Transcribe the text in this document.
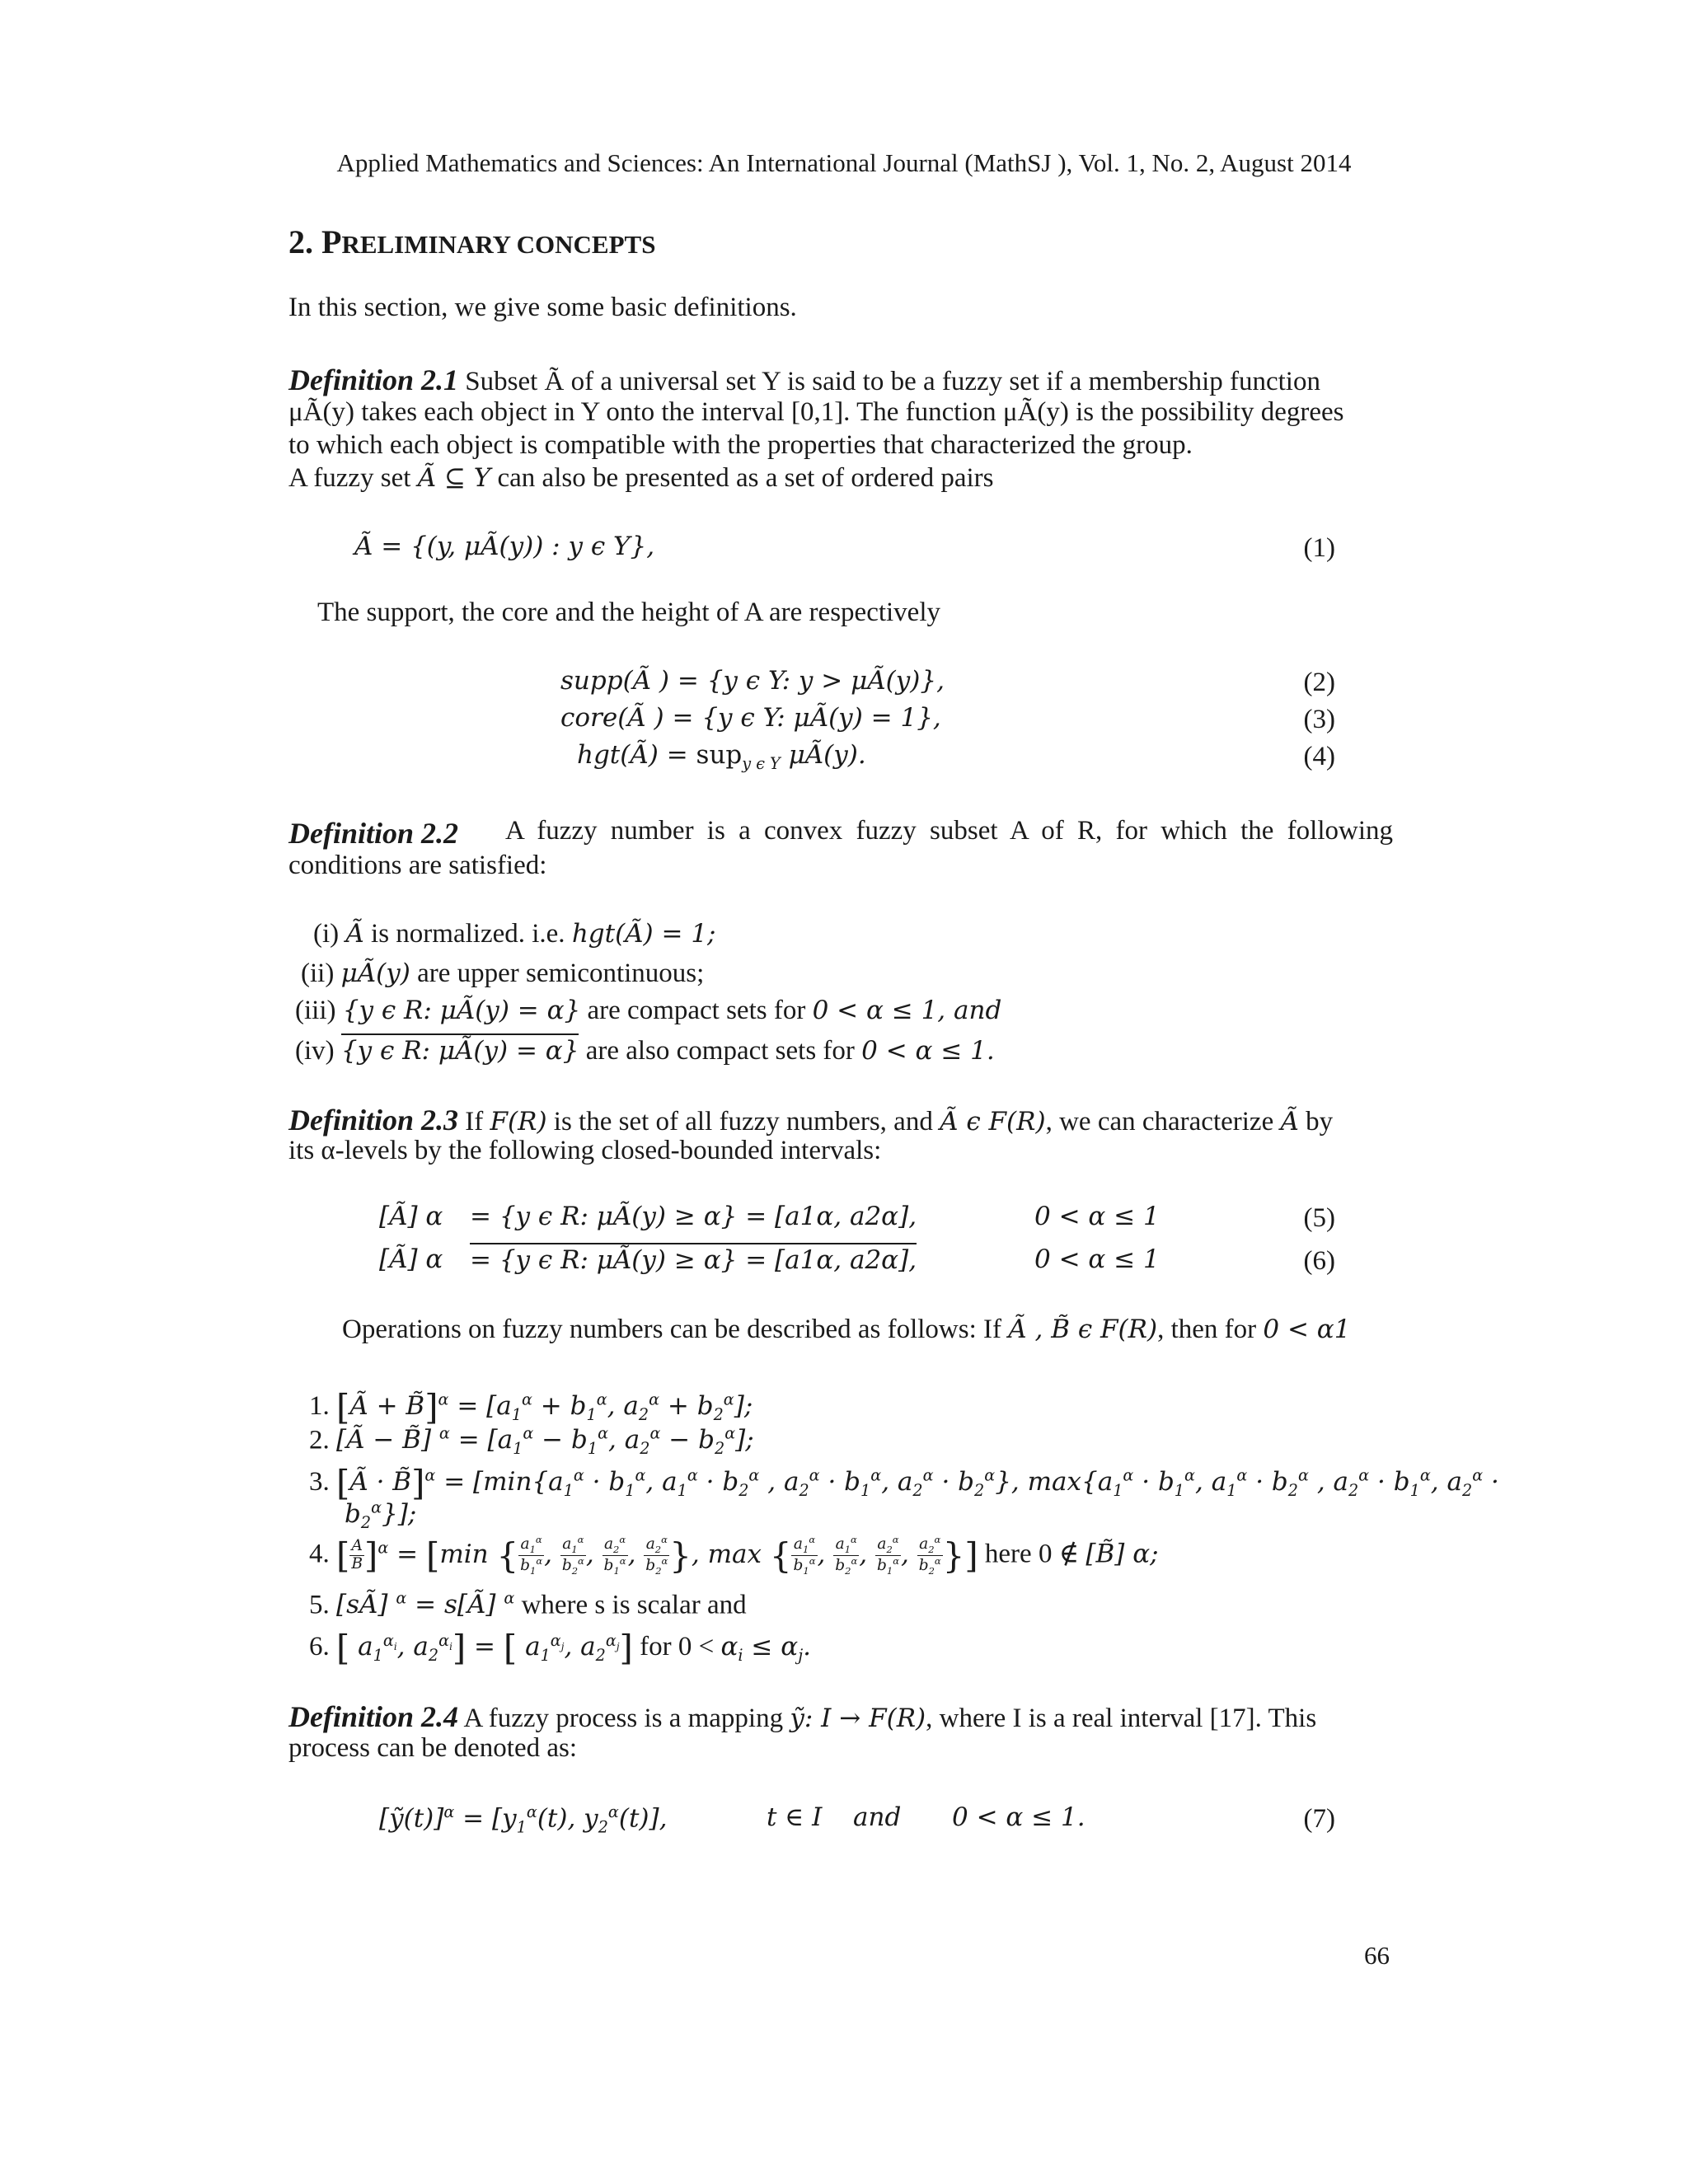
Applied Mathematics and Sciences: An International Journal (MathSJ ), Vol. 1, No. 2, August 2014
2. PRELIMINARY CONCEPTS
In this section, we give some basic definitions.
Definition 2.1 Subset Ã of a universal set Y is said to be a fuzzy set if a membership function
μÃ(y) takes each object in Y onto the interval [0,1]. The function μÃ(y) is the possibility degrees
to which each object is compatible with the properties that characterized the group.
A fuzzy set Ã ⊆ Y can also be presented as a set of ordered pairs
Ã = {(y, μÃ(y)) : y ϵ Y},	(1)
The support, the core and the height of A are respectively
supp(Ã ) = {y ϵ Y: y > μÃ(y)},	(2)
core(Ã ) = {y ϵ Y: μÃ(y) = 1},	(3)
hgt(Ã) = sup$_{y \epsilon Y}$ μÃ(y).	(4)
Definition 2.2 A fuzzy number is a convex fuzzy subset A of R, for which the following
conditions are satisfied:
(i) Ã is normalized. i.e. hgt(Ã) = 1;
(ii) μÃ(y) are upper semicontinuous;
(iii) {y ϵ R: μÃ(y) = α} are compact sets for 0 < α ≤ 1, and
(iv) {y ϵ R: μÃ(y) = α} are also compact sets for 0 < α ≤ 1.
Definition 2.3 If F(R) is the set of all fuzzy numbers, and Ã ϵ F(R), we can characterize Ã by
its α-levels by the following closed-bounded intervals:
[Ã] α = {y ϵ R: μÃ(y) ≥ α} = [a1α, a2α],	0 < α ≤ 1	(5)
[Ã] α = {y ϵ R: μÃ(y) ≥ α} = [a1α, a2α],	0 < α ≤ 1	(6)
Operations on fuzzy numbers can be described as follows: If Ã , B̃ ϵ F(R), then for 0 < α1
1. [Ã + B̃]$^\alpha$ = [$a_1^\alpha + b_1^\alpha$, $a_2^\alpha + b_2^\alpha$];
2. [Ã − B̃] $^\alpha = [a_1^\alpha - b_1^\alpha$, $a_2^\alpha - b_2^\alpha$];
3. [Ã · B̃]$^\alpha$ = [$\min\{a_1^\alpha \cdot b_1^\alpha$, $a_1^\alpha \cdot b_2^\alpha$ , $a_2^\alpha \cdot b_1^\alpha$, $a_2^\alpha \cdot b_2^\alpha$}, $\max\{a_1^\alpha \cdot b_1^\alpha$, $a_1^\alpha \cdot b_2^\alpha$ , $a_2^\alpha \cdot b_1^\alpha$, $a_2^\alpha$ ·
$b_2^\alpha$}];
4. [ $\frac{A}{B} ]^\alpha = [\min$ { $\frac{a_1^\alpha}{b_1^\alpha}$ , $\frac{a_1^\alpha}{b_2^\alpha}$ , $\frac{a_2^\alpha}{b_1^\alpha}$ , $\frac{a_2^\alpha}{b_2^\alpha}$ }, max { $\frac{a_1^\alpha}{b_1^\alpha}$ , $\frac{a_1^\alpha}{b_2^\alpha}$ , $\frac{a_2^\alpha}{b_1^\alpha}$ , $\frac{a_2^\alpha}{b_2^\alpha}$ }] here 0 ∉ [B̃] α;
5. [sÃ] $^\alpha$ = s[Ã] $^\alpha$ where s is scalar and
6. [ $a_1^{\alpha_i}$, $a_2^{\alpha_i}$] = [ $a_1^{\alpha_j}$, $a_2^{\alpha_j}$] for $0 < \alpha_i \le \alpha_j$.
Definition 2.4 A fuzzy process is a mapping ỹ: I → F(R), where I is a real interval [17]. This
process can be denoted as:
[ỹ(t)]$^\alpha$ = [$y_1^\alpha(t)$, $y_2^\alpha(t)$],	t ∈ I and 0 < α ≤ 1.	(7)
66
